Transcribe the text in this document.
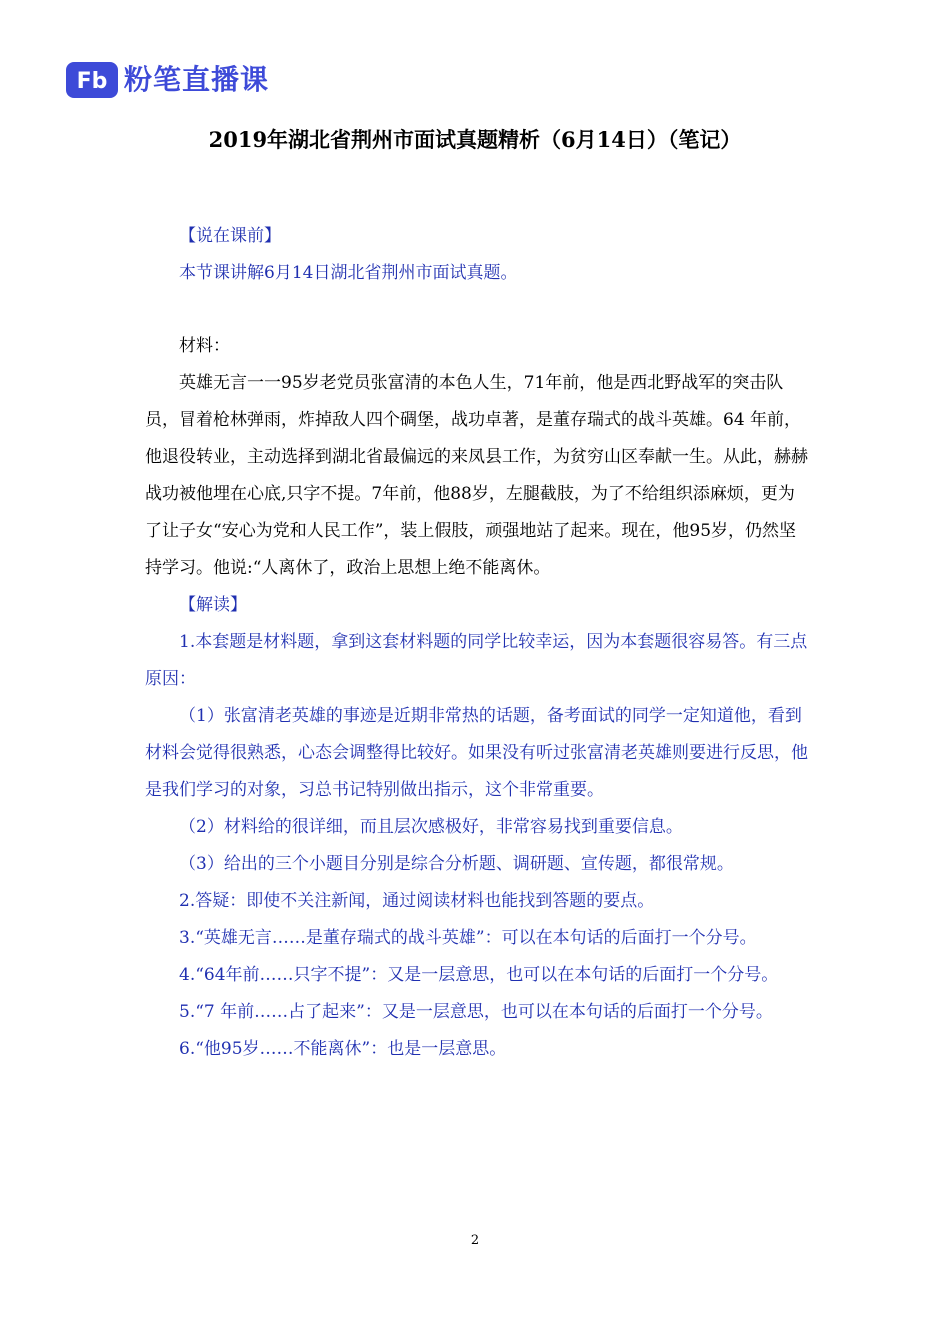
Fb 粉笔直播课
2019年湖北省荆州市面试真题精析（6月14日）（笔记）

【说在课前】

本节课讲解6月14日湖北省荆州市面试真题。

材料：

英雄无言一一95岁老党员张富清的本色人生，71年前，他是西北野战军的突击队员，冒着枪林弹雨，炸掉敌人四个碉堡，战功卓著，是董存瑞式的战斗英雄。64 年前，他退役转业，主动选择到湖北省最偏远的来凤县工作，为贫穷山区奉献一生。从此，赫赫战功被他埋在心底,只字不提。7年前，他88岁，左腿截肢，为了不给组织添麻烦，更为了让子女“安心为党和人民工作”，装上假肢，顽强地站了起来。现在，他95岁，仍然坚持学习。他说:“人离休了，政治上思想上绝不能离休。

【解读】

1.本套题是材料题，拿到这套材料题的同学比较幸运，因为本套题很容易答。有三点原因：

（1）张富清老英雄的事迹是近期非常热的话题，备考面试的同学一定知道他，看到材料会觉得很熟悉，心态会调整得比较好。如果没有听过张富清老英雄则要进行反思，他是我们学习的对象，习总书记特别做出指示，这个非常重要。

（2）材料给的很详细，而且层次感极好，非常容易找到重要信息。

（3）给出的三个小题目分别是综合分析题、调研题、宣传题，都很常规。

2.答疑：即使不关注新闻，通过阅读材料也能找到答题的要点。

3.“英雄无言……是董存瑞式的战斗英雄”：可以在本句话的后面打一个分号。

4.“64年前……只字不提”：又是一层意思，也可以在本句话的后面打一个分号。

5.“7 年前……占了起来”：又是一层意思，也可以在本句话的后面打一个分号。

6.“他95岁……不能离休”：也是一层意思。

2
